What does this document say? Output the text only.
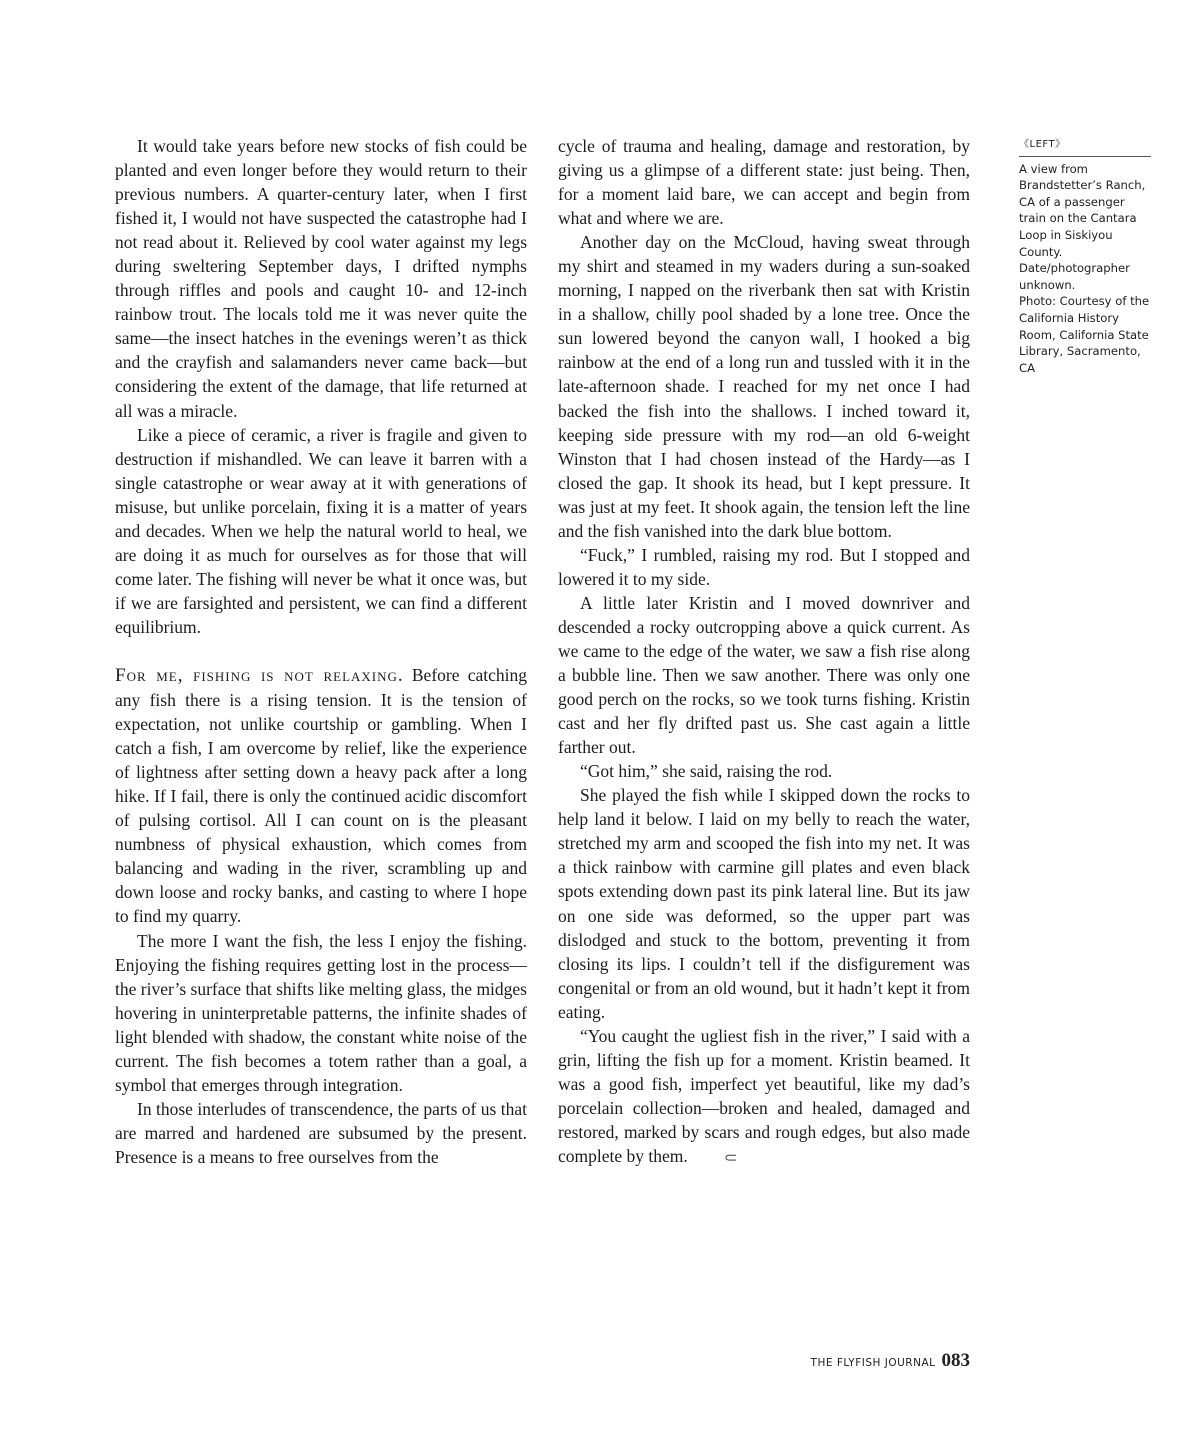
It would take years before new stocks of fish could be planted and even longer before they would return to their previous numbers. A quarter-century later, when I first fished it, I would not have suspected the catastrophe had I not read about it. Relieved by cool water against my legs during sweltering September days, I drifted nymphs through riffles and pools and caught 10- and 12-inch rainbow trout. The locals told me it was never quite the same—the insect hatches in the evenings weren’t as thick and the crayfish and salamanders never came back—but considering the extent of the damage, that life returned at all was a miracle.

Like a piece of ceramic, a river is fragile and given to destruction if mishandled. We can leave it barren with a single catastrophe or wear away at it with generations of misuse, but unlike porcelain, fixing it is a matter of years and decades. When we help the natural world to heal, we are doing it as much for ourselves as for those that will come later. The fishing will never be what it once was, but if we are farsighted and persistent, we can find a different equilibrium.

For me, fishing is not relaxing. Before catching any fish there is a rising tension. It is the tension of expectation, not unlike courtship or gambling. When I catch a fish, I am overcome by relief, like the experience of lightness after setting down a heavy pack after a long hike. If I fail, there is only the continued acidic discomfort of pulsing cortisol. All I can count on is the pleasant numbness of physical exhaustion, which comes from balancing and wading in the river, scrambling up and down loose and rocky banks, and casting to where I hope to find my quarry.

The more I want the fish, the less I enjoy the fishing. Enjoying the fishing requires getting lost in the process—the river’s surface that shifts like melting glass, the midges hovering in uninterpretable patterns, the infinite shades of light blended with shadow, the constant white noise of the current. The fish becomes a totem rather than a goal, a symbol that emerges through integration.

In those interludes of transcendence, the parts of us that are marred and hardened are subsumed by the present. Presence is a means to free ourselves from the

cycle of trauma and healing, damage and restoration, by giving us a glimpse of a different state: just being. Then, for a moment laid bare, we can accept and begin from what and where we are.

Another day on the McCloud, having sweat through my shirt and steamed in my waders during a sun-soaked morning, I napped on the riverbank then sat with Kristin in a shallow, chilly pool shaded by a lone tree. Once the sun lowered beyond the canyon wall, I hooked a big rainbow at the end of a long run and tussled with it in the late-afternoon shade. I reached for my net once I had backed the fish into the shallows. I inched toward it, keeping side pressure with my rod—an old 6-weight Winston that I had chosen instead of the Hardy—as I closed the gap. It shook its head, but I kept pressure. It was just at my feet. It shook again, the tension left the line and the fish vanished into the dark blue bottom.

“Fuck,” I rumbled, raising my rod. But I stopped and lowered it to my side.

A little later Kristin and I moved downriver and descended a rocky outcropping above a quick current. As we came to the edge of the water, we saw a fish rise along a bubble line. Then we saw another. There was only one good perch on the rocks, so we took turns fishing. Kristin cast and her fly drifted past us. She cast again a little farther out.

“Got him,” she said, raising the rod.

She played the fish while I skipped down the rocks to help land it below. I laid on my belly to reach the water, stretched my arm and scooped the fish into my net. It was a thick rainbow with carmine gill plates and even black spots extending down past its pink lateral line. But its jaw on one side was deformed, so the upper part was dislodged and stuck to the bottom, preventing it from closing its lips. I couldn’t tell if the disfigurement was congenital or from an old wound, but it hadn’t kept it from eating.

“You caught the ugliest fish in the river,” I said with a grin, lifting the fish up for a moment. Kristin beamed. It was a good fish, imperfect yet beautiful, like my dad’s porcelain collection—broken and healed, damaged and restored, marked by scars and rough edges, but also made complete by them. ⸦

《LEFT》
A view from Brandstetter’s Ranch, CA of a passenger train on the Cantara Loop in Siskiyou County. Date/photographer unknown.
Photo: Courtesy of the California History Room, California State Library, Sacramento, CA
THE FLYFISH JOURNAL 083
